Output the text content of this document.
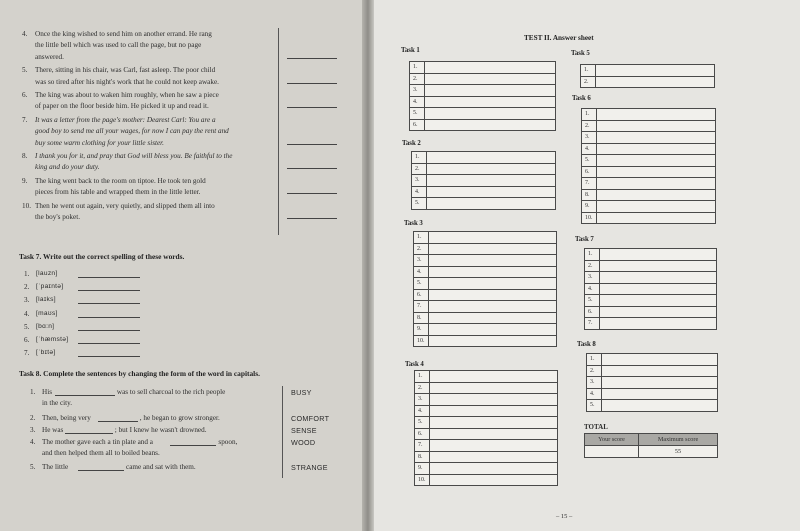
4. Once the king wished to send him on another errand. He rang
the little bell which was used to call the page, but no page
answered.
5. There, sitting in his chair, was Carl, fast asleep. The poor child
was so tired after his night's work that he could not keep awake.
6. The king was about to waken him roughly, when he saw a piece
of paper on the floor beside him. He picked it up and read it.
7. It was a letter from the page's mother: Dearest Carl: You are a
good boy to send me all your wages, for now I can pay the rent and
buy some warm clothing for your little sister.
8. I thank you for it, and pray that God will bless you. Be faithful to the
king and do your duty.
9. The king went back to the room on tiptoe. He took ten gold
pieces from his table and wrapped them in the little letter.
10. Then he went out again, very quietly, and slipped them all into
the boy's poket.
Task 7. Write out the correct spelling of these words.
1. [lauzn]
2. [ˈpaɪntə]
3. [laɪks]
4. [maʊs]
5. [bɑ:n]
6. [ˈhæmstə]
7. [ˈbɪtə]
Task 8. Complete the sentences by changing the form of the word in capitals.
1. His	was to sell charcoal to the rich people
in the city.
BUSY
2. Then, being very	, he began to grow stronger.	COMFORT
3. He was	; but I knew he wasn't drowned.	SENSE
4. The mother gave each a tin plate and a	spoon,
and then helped them all to boiled beans.
WOOD
5. The little	came and sat with them.	STRANGE
TEST II. Answer sheet
TOTAL
Your score	Maximum score
	55
– 15 –
Task 1
1.	
2.	
3.	
4.	
5.	
6.	
Task 2
1.	
2.	
3.	
4.	
5.	
Task 3
1.	
2.	
3.	
4.	
5.	
6.	
7.	
8.	
9.	
10.	
Task 4
1.	
2.	
3.	
4.	
5.	
6.	
7.	
8.	
9.	
10.	
Task 5
1.	
2.	
Task 6
1.	
2.	
3.	
4.	
5.	
6.	
7.	
8.	
9.	
10.	
Task 7
1.	
2.	
3.	
4.	
5.	
6.	
7.	
Task 8
1.	
2.	
3.	
4.	
5.	
